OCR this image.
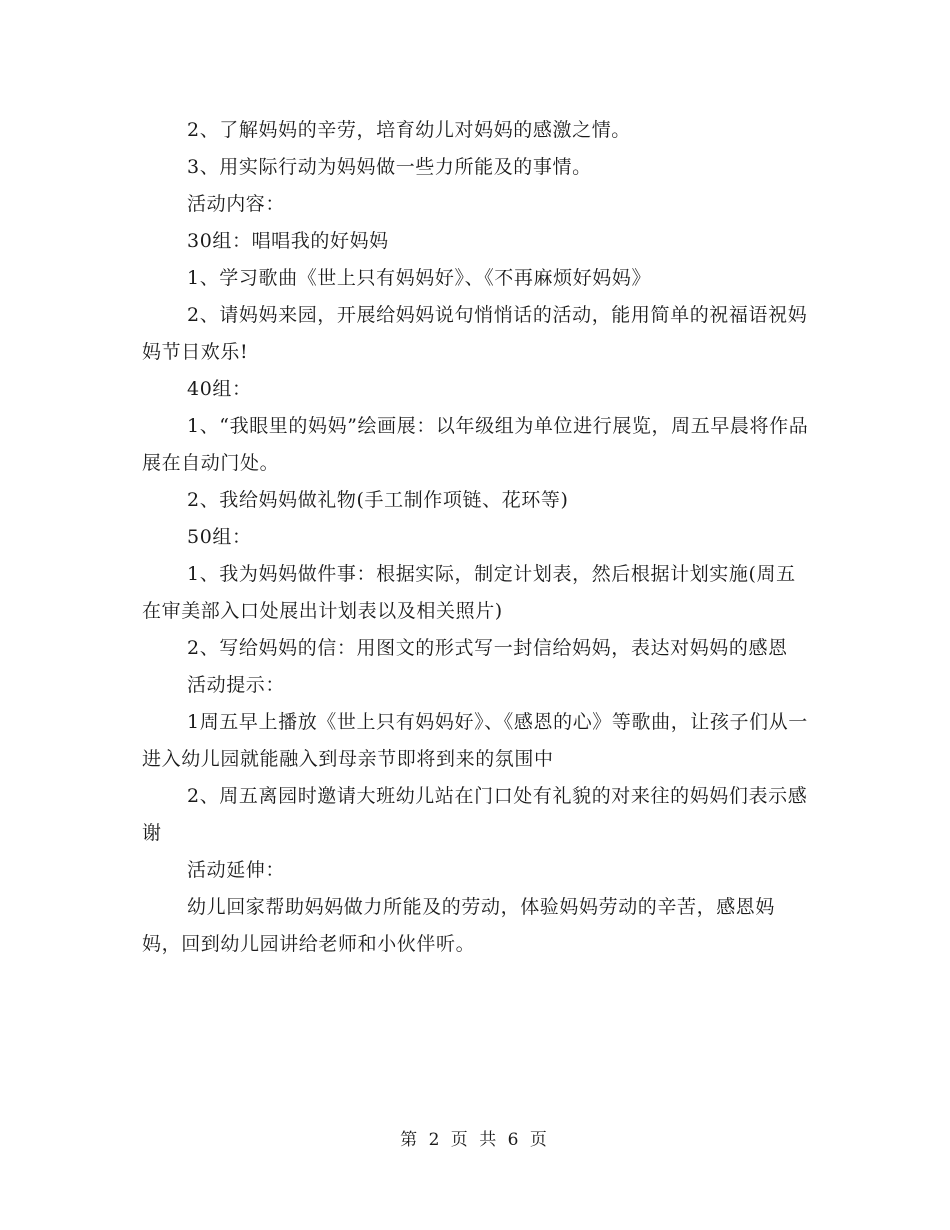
2、了解妈妈的辛劳，培育幼儿对妈妈的感激之情。

3、用实际行动为妈妈做一些力所能及的事情。

活动内容：

30组：唱唱我的好妈妈

1、学习歌曲《世上只有妈妈好》、《不再麻烦好妈妈》

2、请妈妈来园，开展给妈妈说句悄悄话的活动，能用简单的祝福语祝妈妈节日欢乐!

40组：

1、“我眼里的妈妈”绘画展：以年级组为单位进行展览，周五早晨将作品展在自动门处。

2、我给妈妈做礼物(手工制作项链、花环等)

50组：

1、我为妈妈做件事：根据实际，制定计划表，然后根据计划实施(周五在审美部入口处展出计划表以及相关照片)

2、写给妈妈的信：用图文的形式写一封信给妈妈，表达对妈妈的感恩

活动提示：

1周五早上播放《世上只有妈妈好》、《感恩的心》等歌曲，让孩子们从一进入幼儿园就能融入到母亲节即将到来的氛围中

2、周五离园时邀请大班幼儿站在门口处有礼貌的对来往的妈妈们表示感谢

活动延伸：

幼儿回家帮助妈妈做力所能及的劳动，体验妈妈劳动的辛苦，感恩妈妈，回到幼儿园讲给老师和小伙伴听。

第 2 页 共 6 页
